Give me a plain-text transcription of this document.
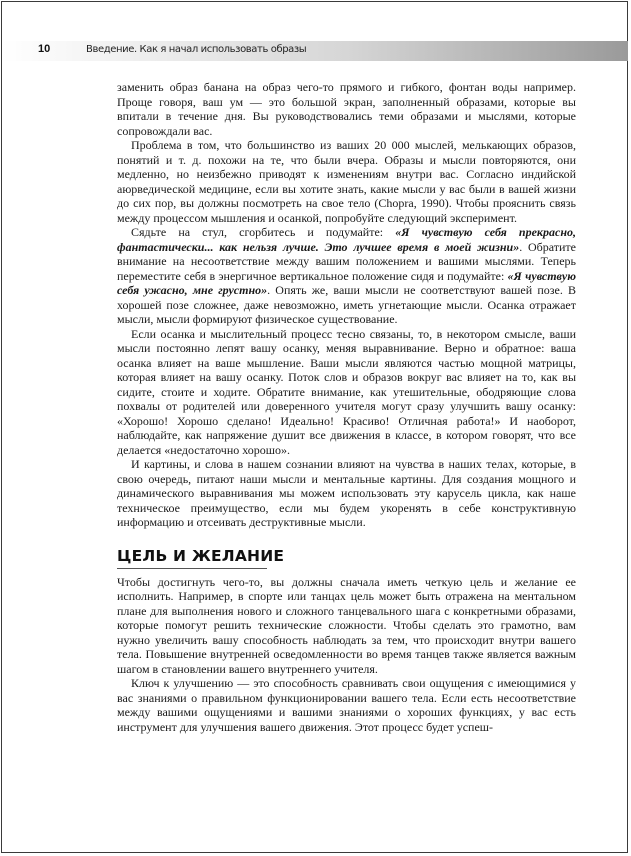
10	Введение. Как я начал использовать образы

заменить образ банана на образ чего-то прямого и гибкого, фонтан воды например. Проще говоря, ваш ум — это большой экран, заполненный образами, которые вы впитали в течение дня. Вы руководствовались теми образами и мыслями, которые сопровождали вас.

Проблема в том, что большинство из ваших 20 000 мыслей, мелькающих образов, понятий и т. д. похожи на те, что были вчера. Образы и мысли повторяются, они медленно, но неизбежно приводят к изменениям внутри вас. Согласно индийской аюрведической медицине, если вы хотите знать, какие мысли у вас были в вашей жизни до сих пор, вы должны посмотреть на свое тело (Chopra, 1990). Чтобы прояснить связь между процессом мышления и осанкой, попробуйте следующий эксперимент.

Сядьте на стул, сгорбитесь и подумайте: «Я чувствую себя прекрасно, фантастически... как нельзя лучше. Это лучшее время в моей жизни». Обратите внимание на несоответствие между вашим положением и вашими мыслями. Теперь переместите себя в энергичное вертикальное положение сидя и подумайте: «Я чувствую себя ужасно, мне грустно». Опять же, ваши мысли не соответствуют вашей позе. В хорошей позе сложнее, даже невозможно, иметь угнетающие мысли. Осанка отражает мысли, мысли формируют физическое существование.

Если осанка и мыслительный процесс тесно связаны, то, в некотором смысле, ваши мысли постоянно лепят вашу осанку, меняя выравнивание. Верно и обратное: ваша осанка влияет на ваше мышление. Ваши мысли являются частью мощной матрицы, которая влияет на вашу осанку. Поток слов и образов вокруг вас влияет на то, как вы сидите, стоите и ходите. Обратите внимание, как утешительные, ободряющие слова похвалы от родителей или доверенного учителя могут сразу улучшить вашу осанку: «Хорошо! Хорошо сделано! Идеально! Красиво! Отличная работа!» И наоборот, наблюдайте, как напряжение душит все движения в классе, в котором говорят, что все делается «недостаточно хорошо».

И картины, и слова в нашем сознании влияют на чувства в наших телах, которые, в свою очередь, питают наши мысли и ментальные картины. Для создания мощного и динамического выравнивания мы можем использовать эту карусель цикла, как наше техническое преимущество, если мы будем укоренять в себе конструктивную информацию и отсеивать деструктивные мысли.

ЦЕЛЬ И ЖЕЛАНИЕ

Чтобы достигнуть чего-то, вы должны сначала иметь четкую цель и желание ее исполнить. Например, в спорте или танцах цель может быть отражена на ментальном плане для выполнения нового и сложного танцевального шага с конкретными образами, которые помогут решить технические сложности. Чтобы сделать это грамотно, вам нужно увеличить вашу способность наблюдать за тем, что происходит внутри вашего тела. Повышение внутренней осведомленности во время танцев также является важным шагом в становлении вашего внутреннего учителя.

Ключ к улучшению — это способность сравнивать свои ощущения с имеющимися у вас знаниями о правильном функционировании вашего тела. Если есть несоответствие между вашими ощущениями и вашими знаниями о хороших функциях, у вас есть инструмент для улучшения вашего движения. Этот процесс будет успеш-
